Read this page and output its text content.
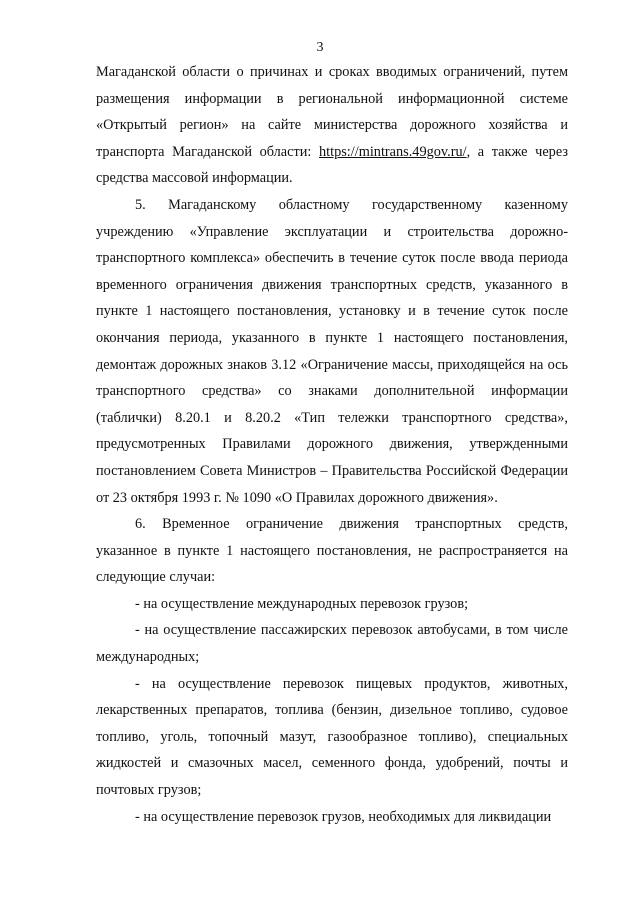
3

Магаданской области о причинах и сроках вводимых ограничений, путем размещения информации в региональной информационной системе «Открытый регион» на сайте министерства дорожного хозяйства и транспорта Магаданской области: https://mintrans.49gov.ru/, а также через средства массовой информации.

5. Магаданскому областному государственному казенному учреждению «Управление эксплуатации и строительства дорожно-транспортного комплекса» обеспечить в течение суток после ввода периода временного ограничения движения транспортных средств, указанного в пункте 1 настоящего постановления, установку и в течение суток после окончания периода, указанного в пункте 1 настоящего постановления, демонтаж дорожных знаков 3.12 «Ограничение массы, приходящейся на ось транспортного средства» со знаками дополнительной информации (таблички) 8.20.1 и 8.20.2 «Тип тележки транспортного средства», предусмотренных Правилами дорожного движения, утвержденными постановлением Совета Министров – Правительства Российской Федерации от 23 октября 1993 г. № 1090 «О Правилах дорожного движения».

6. Временное ограничение движения транспортных средств, указанное в пункте 1 настоящего постановления, не распространяется на следующие случаи:

- на осуществление международных перевозок грузов;

- на осуществление пассажирских перевозок автобусами, в том числе международных;

- на осуществление перевозок пищевых продуктов, животных, лекарственных препаратов, топлива (бензин, дизельное топливо, судовое топливо, уголь, топочный мазут, газообразное топливо), специальных жидкостей и смазочных масел, семенного фонда, удобрений, почты и почтовых грузов;

- на осуществление перевозок грузов, необходимых для ликвидации
